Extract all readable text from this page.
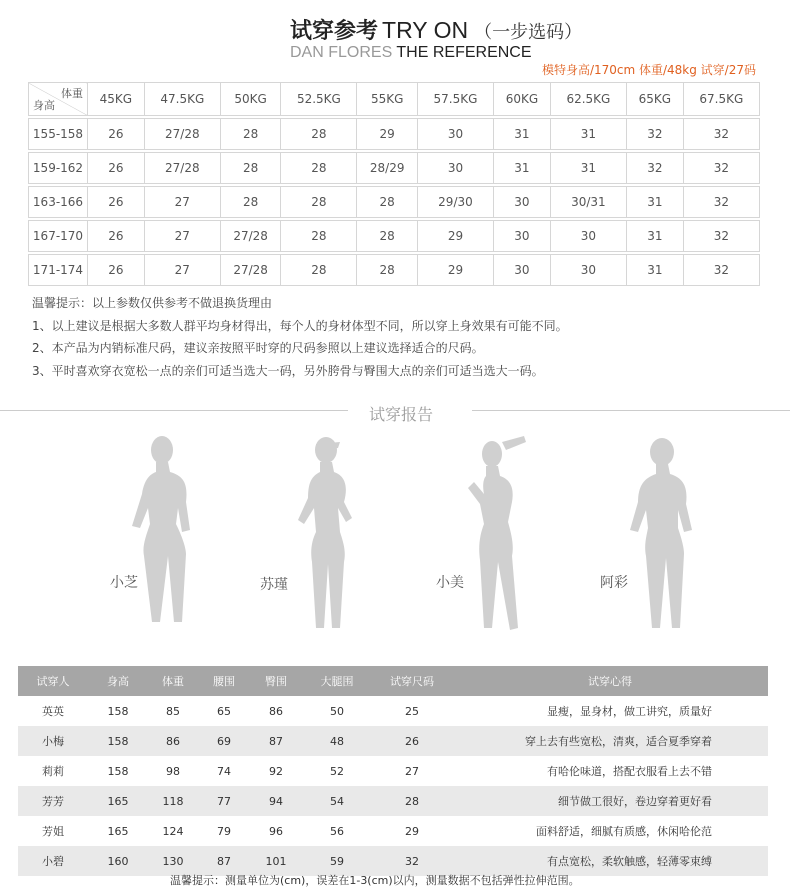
试穿参考 TRY ON （一步选码）
DAN FLORES THE REFERENCE
模特身高/170cm 体重/48kg 试穿/27码
体重
身高	45KG	47.5KG	50KG	52.5KG	55KG	57.5KG	60KG	62.5KG	65KG	67.5KG

155-158	26	27/28	28	28	29	30	31	31	32	32

159-162	26	27/28	28	28	28/29	30	31	31	32	32

163-166	26	27	28	28	28	29/30	30	30/31	31	32

167-170	26	27	27/28	28	28	29	30	30	31	32

171-174	26	27	27/28	28	28	29	30	30	31	32
温馨提示：以上参数仅供参考不做退换货理由
1、以上建议是根据大多数人群平均身材得出，每个人的身材体型不同，所以穿上身效果有可能不同。
2、本产品为内销标准尺码，建议亲按照平时穿的尺码参照以上建议选择适合的尺码。
3、平时喜欢穿衣宽松一点的亲们可适当选大一码，另外胯骨与臀围大点的亲们可适当选大一码。
试穿报告
小芝	苏瑾	小美	阿彩
试穿人	身高	体重	腰围	臀围	大腿围	试穿尺码	试穿心得
英英	158	85	65	86	50	25	显瘦，显身材，做工讲究，质量好
小梅	158	86	69	87	48	26	穿上去有些宽松，清爽，适合夏季穿着
莉莉	158	98	74	92	52	27	有哈伦味道，搭配衣服看上去不错
芳芳	165	118	77	94	54	28	细节做工很好，卷边穿着更好看
芳姐	165	124	79	96	56	29	面料舒适，细腻有质感，休闲哈伦范
小碧	160	130	87	101	59	32	有点宽松，柔软触感，轻薄零束缚
温馨提示：测量单位为(cm)，误差在1-3(cm)以内，测量数据不包括弹性拉伸范围。
